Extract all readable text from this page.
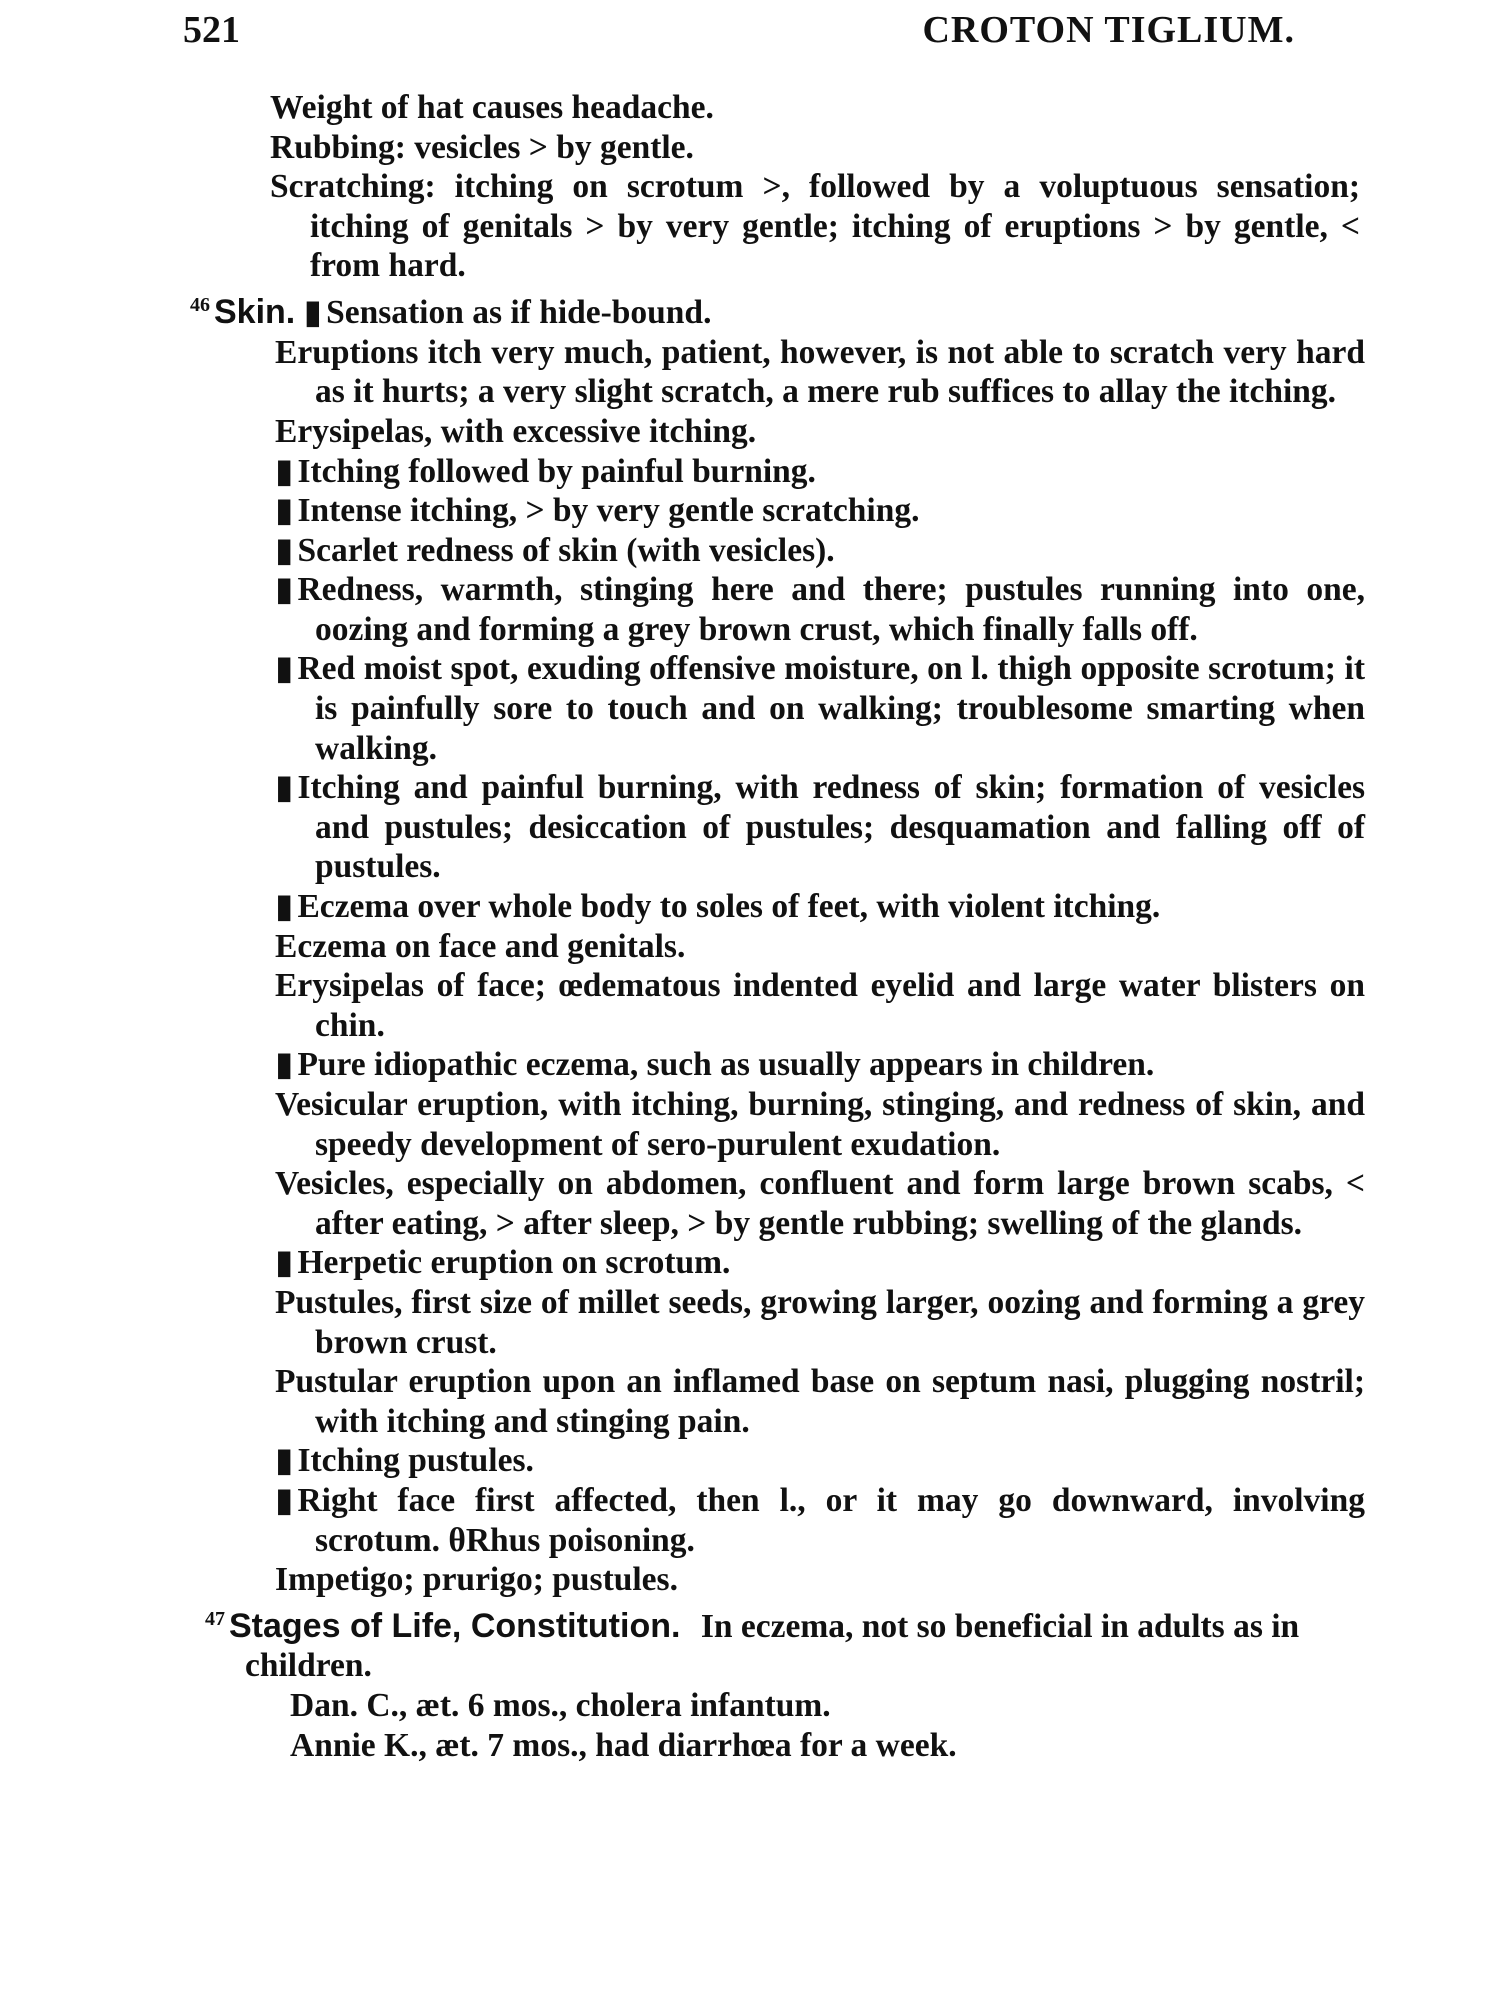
521	CROTON TIGLIUM.

Weight of hat causes headache.

Rubbing: vesicles > by gentle.

Scratching: itching on scrotum >, followed by a voluptuous sensation; itching of genitals > by very gentle; itching of eruptions > by gentle, < from hard.

$^{46}$ Skin. ▮ Sensation as if hide-bound.

Eruptions itch very much, patient, however, is not able to scratch very hard as it hurts; a very slight scratch, a mere rub suffices to allay the itching.

Erysipelas, with excessive itching.

▮ Itching followed by painful burning.

▮ Intense itching, > by very gentle scratching.

▮ Scarlet redness of skin (with vesicles).

▮ Redness, warmth, stinging here and there; pustules running into one, oozing and forming a grey brown crust, which finally falls off.

▮ Red moist spot, exuding offensive moisture, on l. thigh opposite scrotum; it is painfully sore to touch and on walking; troublesome smarting when walking.

▮ Itching and painful burning, with redness of skin; formation of vesicles and pustules; desiccation of pustules; desquamation and falling off of pustules.

▮ Eczema over whole body to soles of feet, with violent itching.

Eczema on face and genitals.

Erysipelas of face; œdematous indented eyelid and large water blisters on chin.

▮ Pure idiopathic eczema, such as usually appears in children.

Vesicular eruption, with itching, burning, stinging, and redness of skin, and speedy development of sero-purulent exudation.

Vesicles, especially on abdomen, confluent and form large brown scabs, < after eating, > after sleep, > by gentle rubbing; swelling of the glands.

▮ Herpetic eruption on scrotum.

Pustules, first size of millet seeds, growing larger, oozing and forming a grey brown crust.

Pustular eruption upon an inflamed base on septum nasi, plugging nostril; with itching and stinging pain.

▮ Itching pustules.

▮ Right face first affected, then l., or it may go downward, involving scrotum. θRhus poisoning.

Impetigo; prurigo; pustules.

$^{47}$ Stages of Life, Constitution. In eczema, not so beneficial in adults as in children.

Dan. C., æt. 6 mos., cholera infantum.

Annie K., æt. 7 mos., had diarrhœa for a week.
